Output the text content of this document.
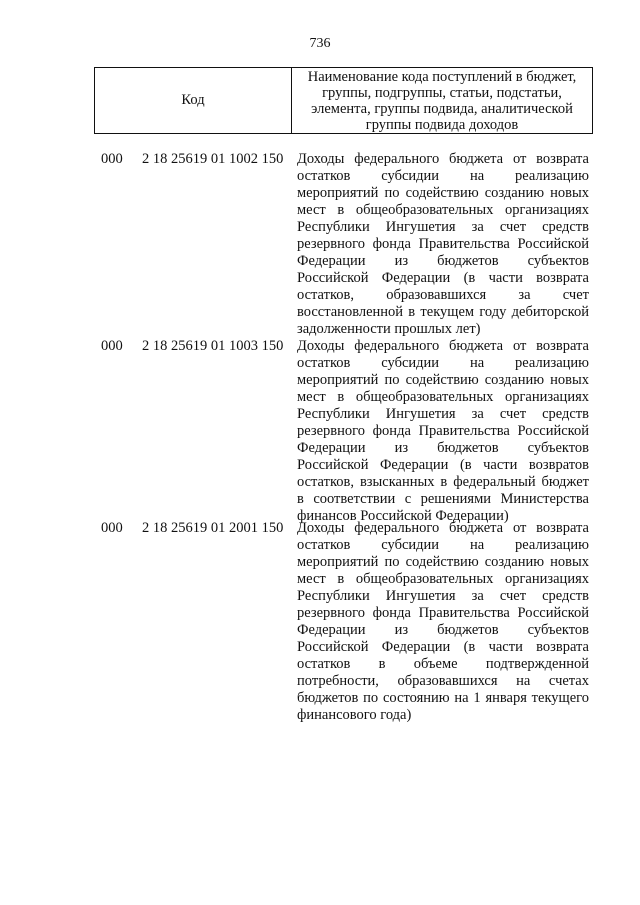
736
Код
Наименование кода поступлений в бюджет, группы, подгруппы, статьи, подстатьи, элемента, группы подвида, аналитической группы подвида доходов
000	2 18 25619 01 1002 150 Доходы федерального бюджета от возврата
остатков субсидии на реализацию
мероприятий по содействию созданию новых
мест в общеобразовательных организациях
Республики Ингушетия за счет средств
резервного фонда Правительства Российской
Федерации из бюджетов субъектов
Российской Федерации (в части возврата
остатков, образовавшихся за счет
восстановленной в текущем году дебиторской
задолженности прошлых лет)
000	2 18 25619 01 1003 150 Доходы федерального бюджета от возврата
остатков субсидии на реализацию
мероприятий по содействию созданию новых
мест в общеобразовательных организациях
Республики Ингушетия за счет средств
резервного фонда Правительства Российской
Федерации из бюджетов субъектов
Российской Федерации (в части возвратов
остатков, взысканных в федеральный бюджет
в соответствии с решениями Министерства
финансов Российской Федерации)
000	2 18 25619 01 2001 150 Доходы федерального бюджета от возврата
остатков субсидии на реализацию
мероприятий по содействию созданию новых
мест в общеобразовательных организациях
Республики Ингушетия за счет средств
резервного фонда Правительства Российской
Федерации из бюджетов субъектов
Российской Федерации (в части возврата
остатков в объеме подтвержденной
потребности, образовавшихся на счетах
бюджетов по состоянию на 1 января текущего
финансового года)
